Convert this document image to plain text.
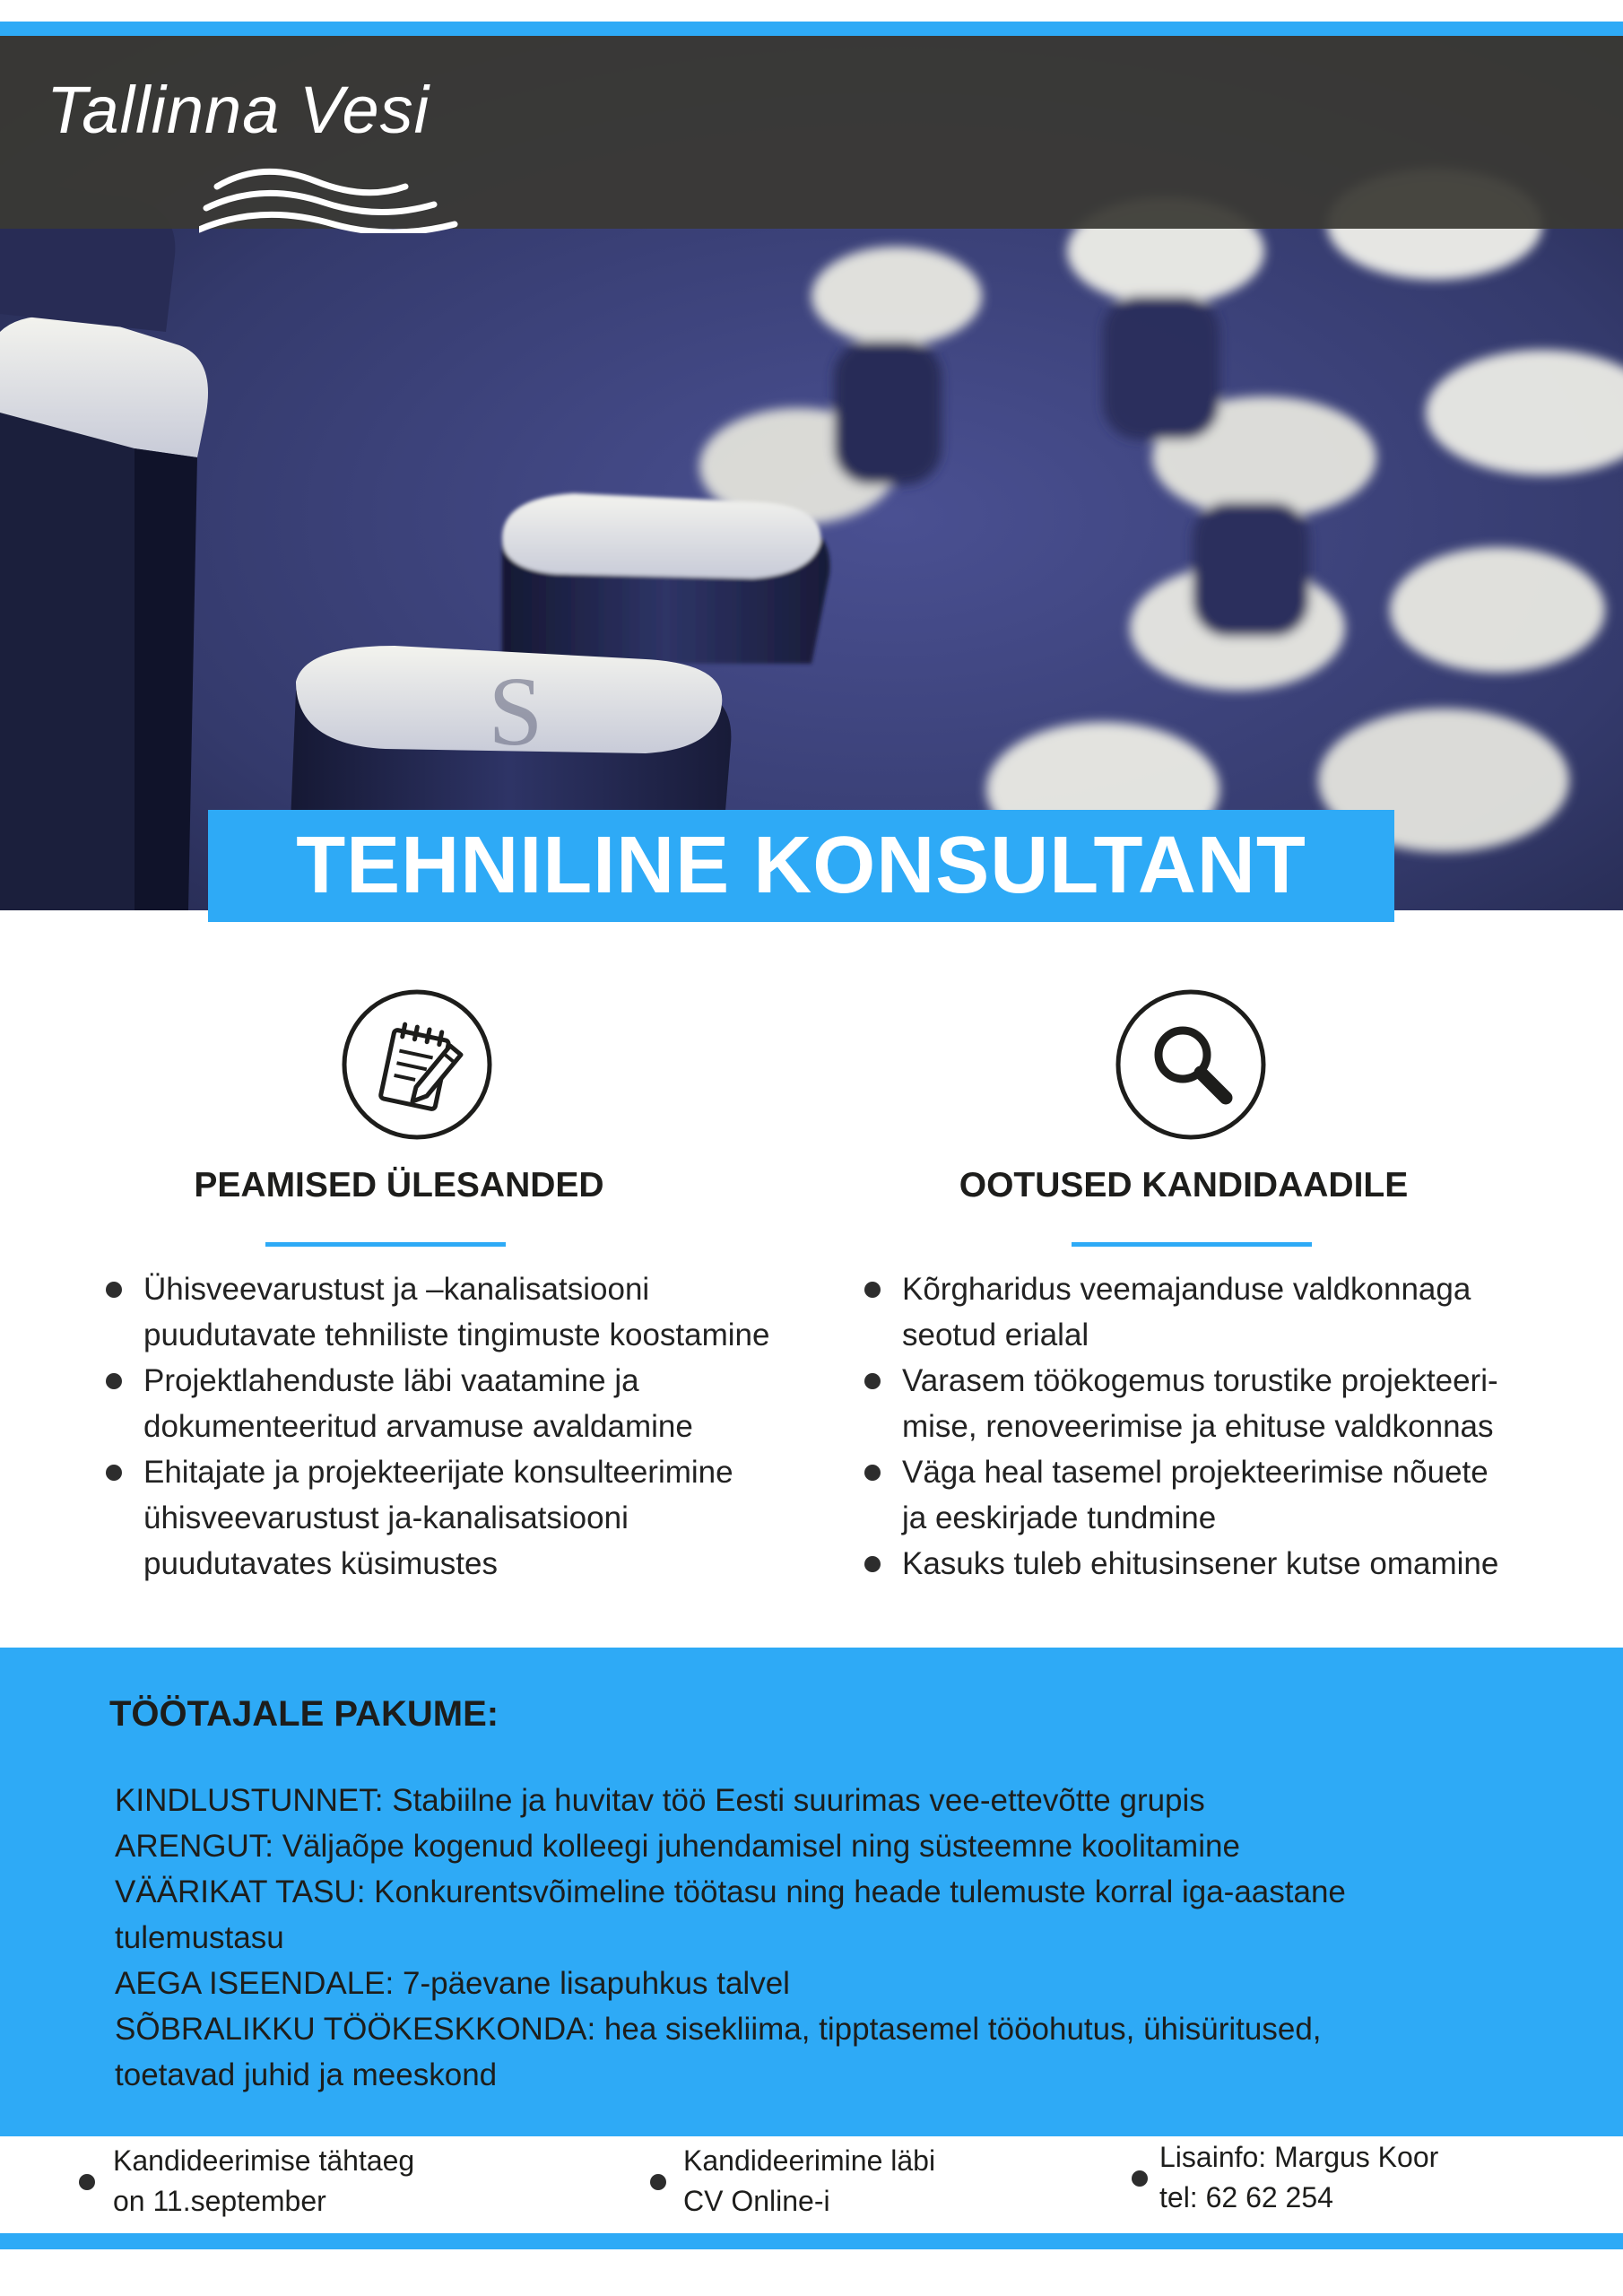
S
Tallinna Vesi
TEHNILINE KONSULTANT
PEAMISED ÜLESANDED
Ühisveevarustust ja –kanalisatsiooni
puudutavate tehniliste tingimuste koostamine
Projektlahenduste läbi vaatamine ja
dokumenteeritud arvamuse avaldamine
Ehitajate ja projekteerijate konsulteerimine
ühisveevarustust ja-kanalisatsiooni
puudutavates küsimustes
OOTUSED KANDIDAADILE
Kõrgharidus veemajanduse valdkonnaga
seotud erialal
Varasem töökogemus torustike projekteeri-
mise, renoveerimise ja ehituse valdkonnas
Väga heal tasemel projekteerimise nõuete
ja eeskirjade tundmine
Kasuks tuleb ehitusinsener kutse omamine
TÖÖTAJALE PAKUME:
KINDLUSTUNNET: Stabiilne ja huvitav töö Eesti suurimas vee-ettevõtte grupis
ARENGUT: Väljaõpe kogenud kolleegi juhendamisel ning süsteemne koolitamine
VÄÄRIKAT TASU: Konkurentsvõimeline töötasu ning heade tulemuste korral iga-aastane
tulemustasu
AEGA ISEENDALE: 7-päevane lisapuhkus talvel
SÕBRALIKKU TÖÖKESKKONDA: hea sisekliima, tipptasemel tööohutus, ühisüritused,
toetavad juhid ja meeskond
Kandideerimise tähtaeg
on 11.september
Kandideerimine läbi
CV Online-i
Lisainfo: Margus Koor
tel: 62 62 254
